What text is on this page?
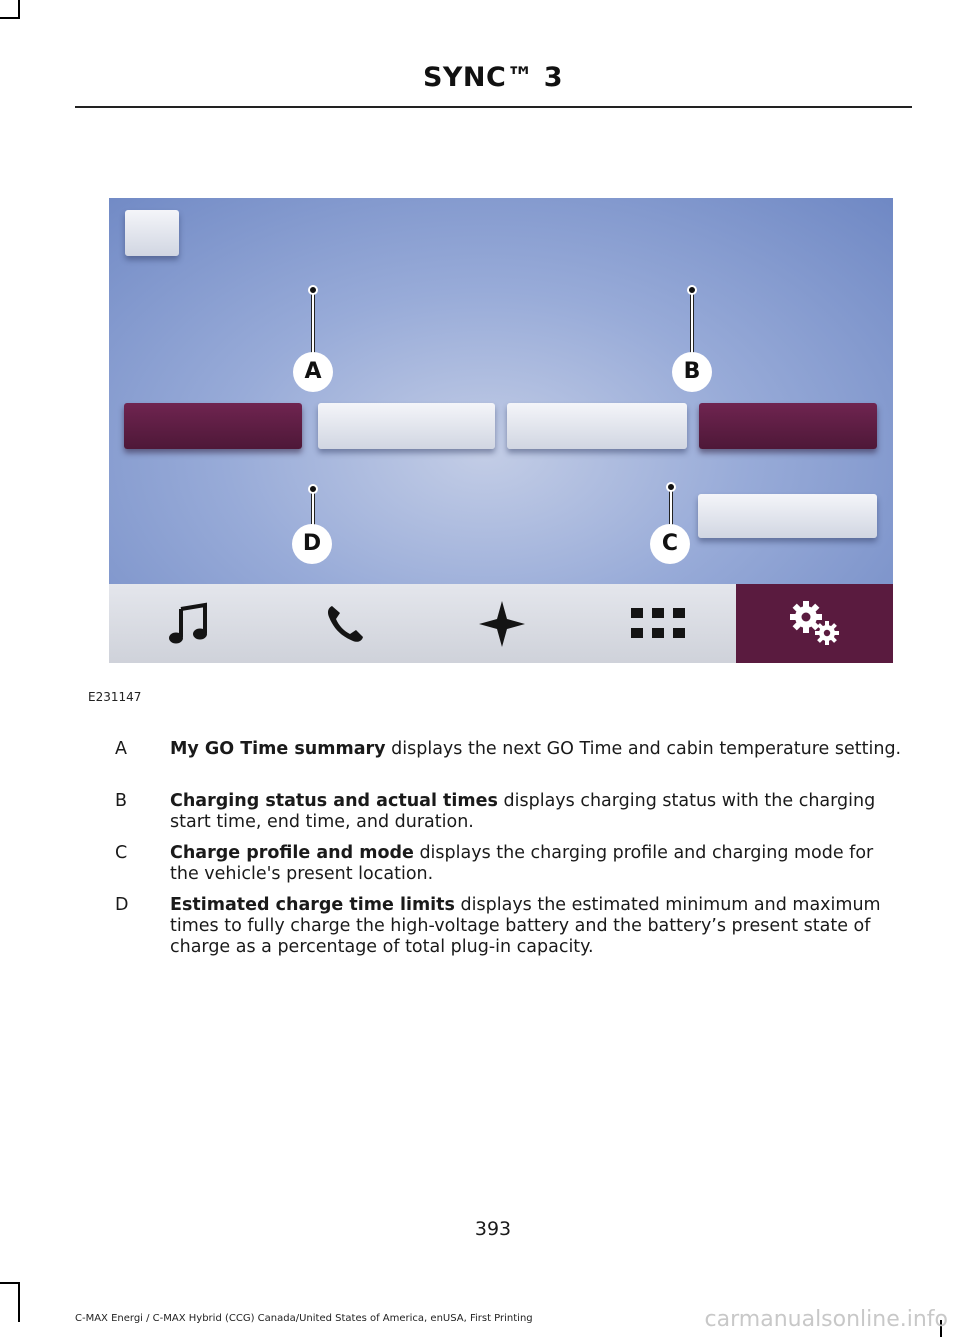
SYNC™ 3
A	B
D	C
E231147
A	My GO Time summary displays the next GO Time and cabin temperature setting.
B	Charging status and actual times displays charging status with the charging start time, end time, and duration.
C	Charge profile and mode displays the charging profile and charging mode for the vehicle's present location.
D	Estimated charge time limits displays the estimated minimum and maximum times to fully charge the high-voltage battery and the battery’s present state of charge as a percentage of total plug-in capacity.
393
C-MAX Energi / C-MAX Hybrid (CCG) Canada/United States of America, enUSA, First Printing	carmanualsonline.info
